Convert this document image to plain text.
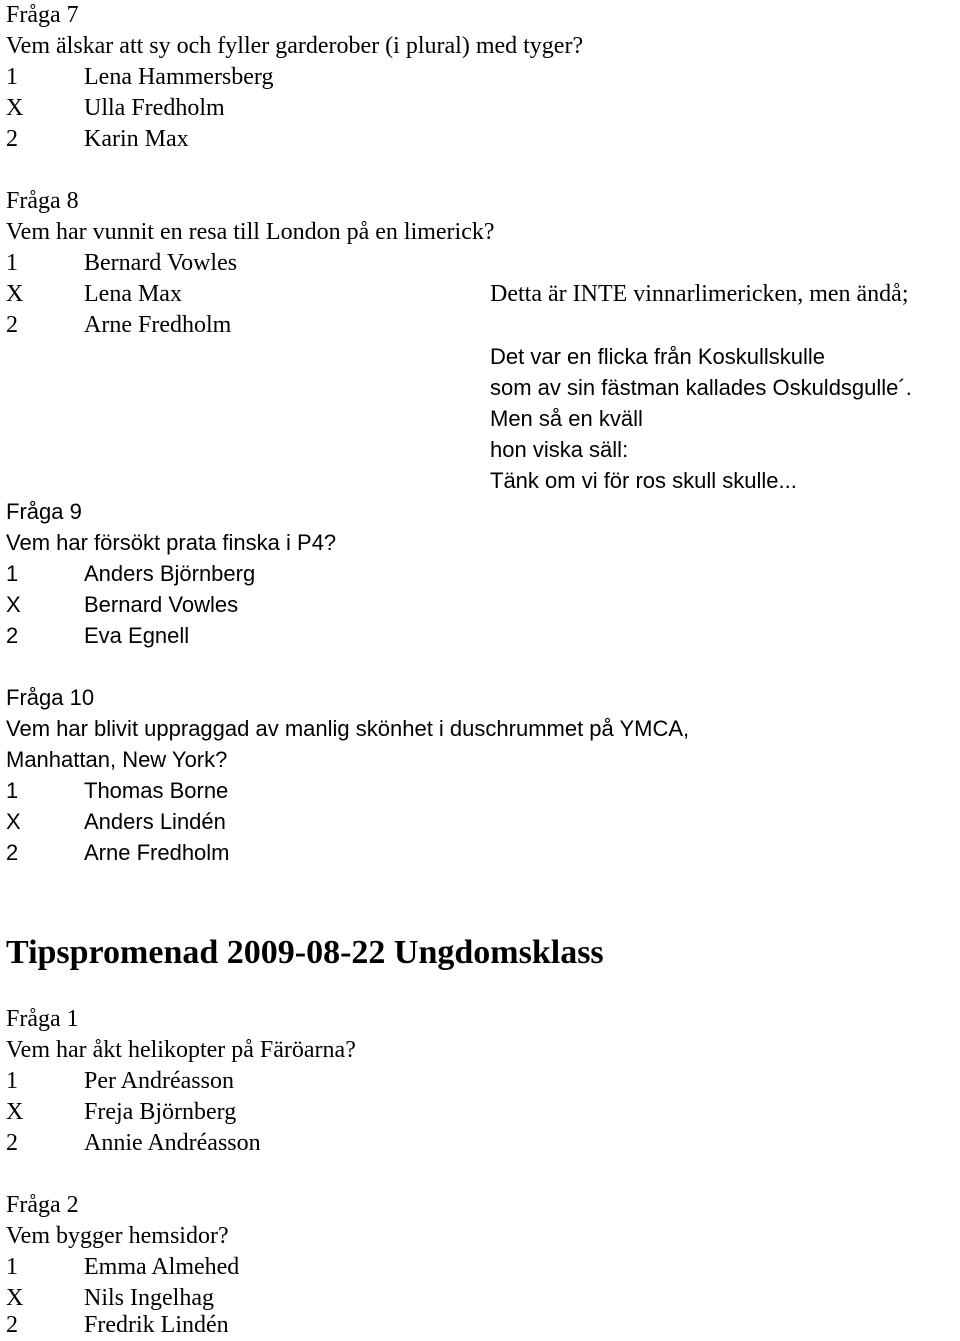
Fråga 7
Vem älskar att sy och fyller garderober (i plural) med tyger?
1	Lena Hammersberg
X	Ulla Fredholm
2	Karin Max
Fråga 8
Vem har vunnit en resa till London på en limerick?
1	Bernard Vowles
X	Lena Max
2	Arne Fredholm
Detta är INTE vinnarlimericken, men ändå;
Det var en flicka från Koskullskulle
som av sin fästman kallades Oskuldsgulle´.
Men så en kväll
hon viska säll:
Tänk om vi för ros skull skulle...
Fråga 9
Vem har försökt prata finska i P4?
1	Anders Björnberg
X	Bernard Vowles
2	Eva Egnell
Fråga 10
Vem har blivit uppraggad av manlig skönhet i duschrummet på YMCA,
Manhattan, New York?
1	Thomas Borne
X	Anders Lindén
2	Arne Fredholm
Tipspromenad 2009-08-22 Ungdomsklass
Fråga 1
Vem har åkt helikopter på Färöarna?
1	Per Andréasson
X	Freja Björnberg
2	Annie Andréasson
Fråga 2
Vem bygger hemsidor?
1	Emma Almehed
X	Nils Ingelhag
2	Fredrik Lindén
